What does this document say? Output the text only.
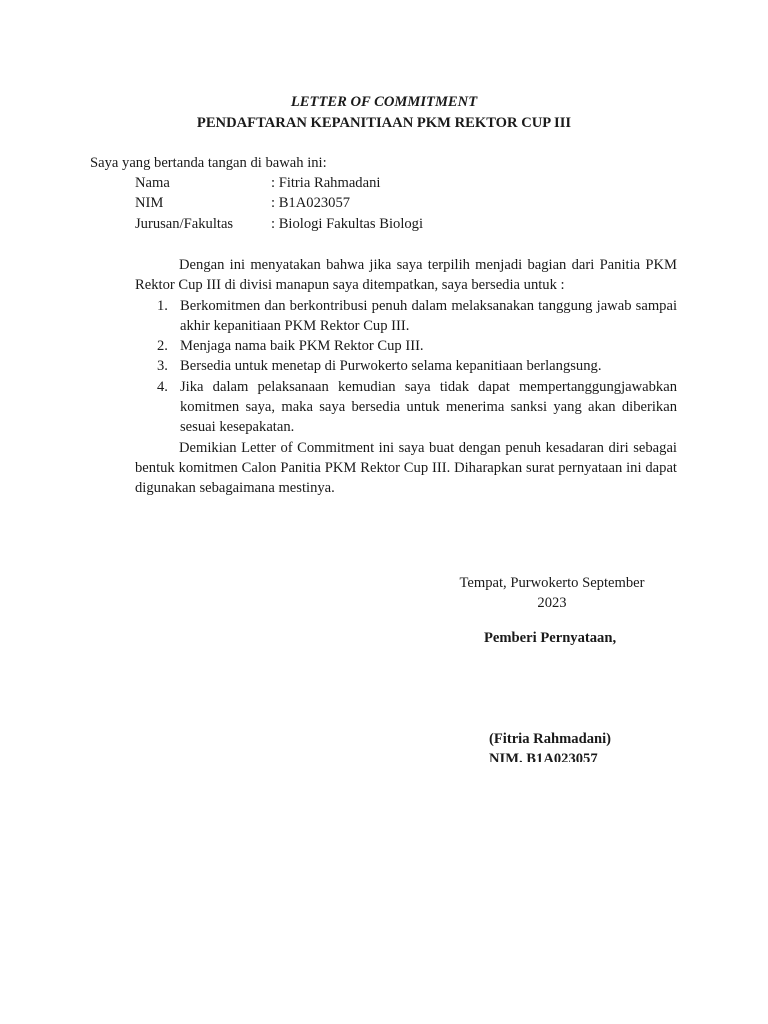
LETTER OF COMMITMENT
PENDAFTARAN KEPANITIAAN PKM REKTOR CUP III
Saya yang bertanda tangan di bawah ini:
Nama	: Fitria Rahmadani
NIM	: B1A023057
Jurusan/Fakultas	: Biologi Fakultas Biologi

Dengan ini menyatakan bahwa jika saya terpilih menjadi bagian dari Panitia PKM Rektor Cup III di divisi manapun saya ditempatkan, saya bersedia untuk :

1. Berkomitmen dan berkontribusi penuh dalam melaksanakan tanggung jawab sampai akhir kepanitiaan PKM Rektor Cup III.
2. Menjaga nama baik PKM Rektor Cup III.
3. Bersedia untuk menetap di Purwokerto selama kepanitiaan berlangsung.
4. Jika dalam pelaksanaan kemudian saya tidak dapat mempertanggungjawabkan komitmen saya, maka saya bersedia untuk menerima sanksi yang akan diberikan sesuai kesepakatan.

Demikian Letter of Commitment ini saya buat dengan penuh kesadaran diri sebagai bentuk komitmen Calon Panitia PKM Rektor Cup III. Diharapkan surat pernyataan ini dapat digunakan sebagaimana mestinya.

Tempat, Purwokerto September
2023
Pemberi Pernyataan,
(Fitria Rahmadani)
NIM. B1A023057
